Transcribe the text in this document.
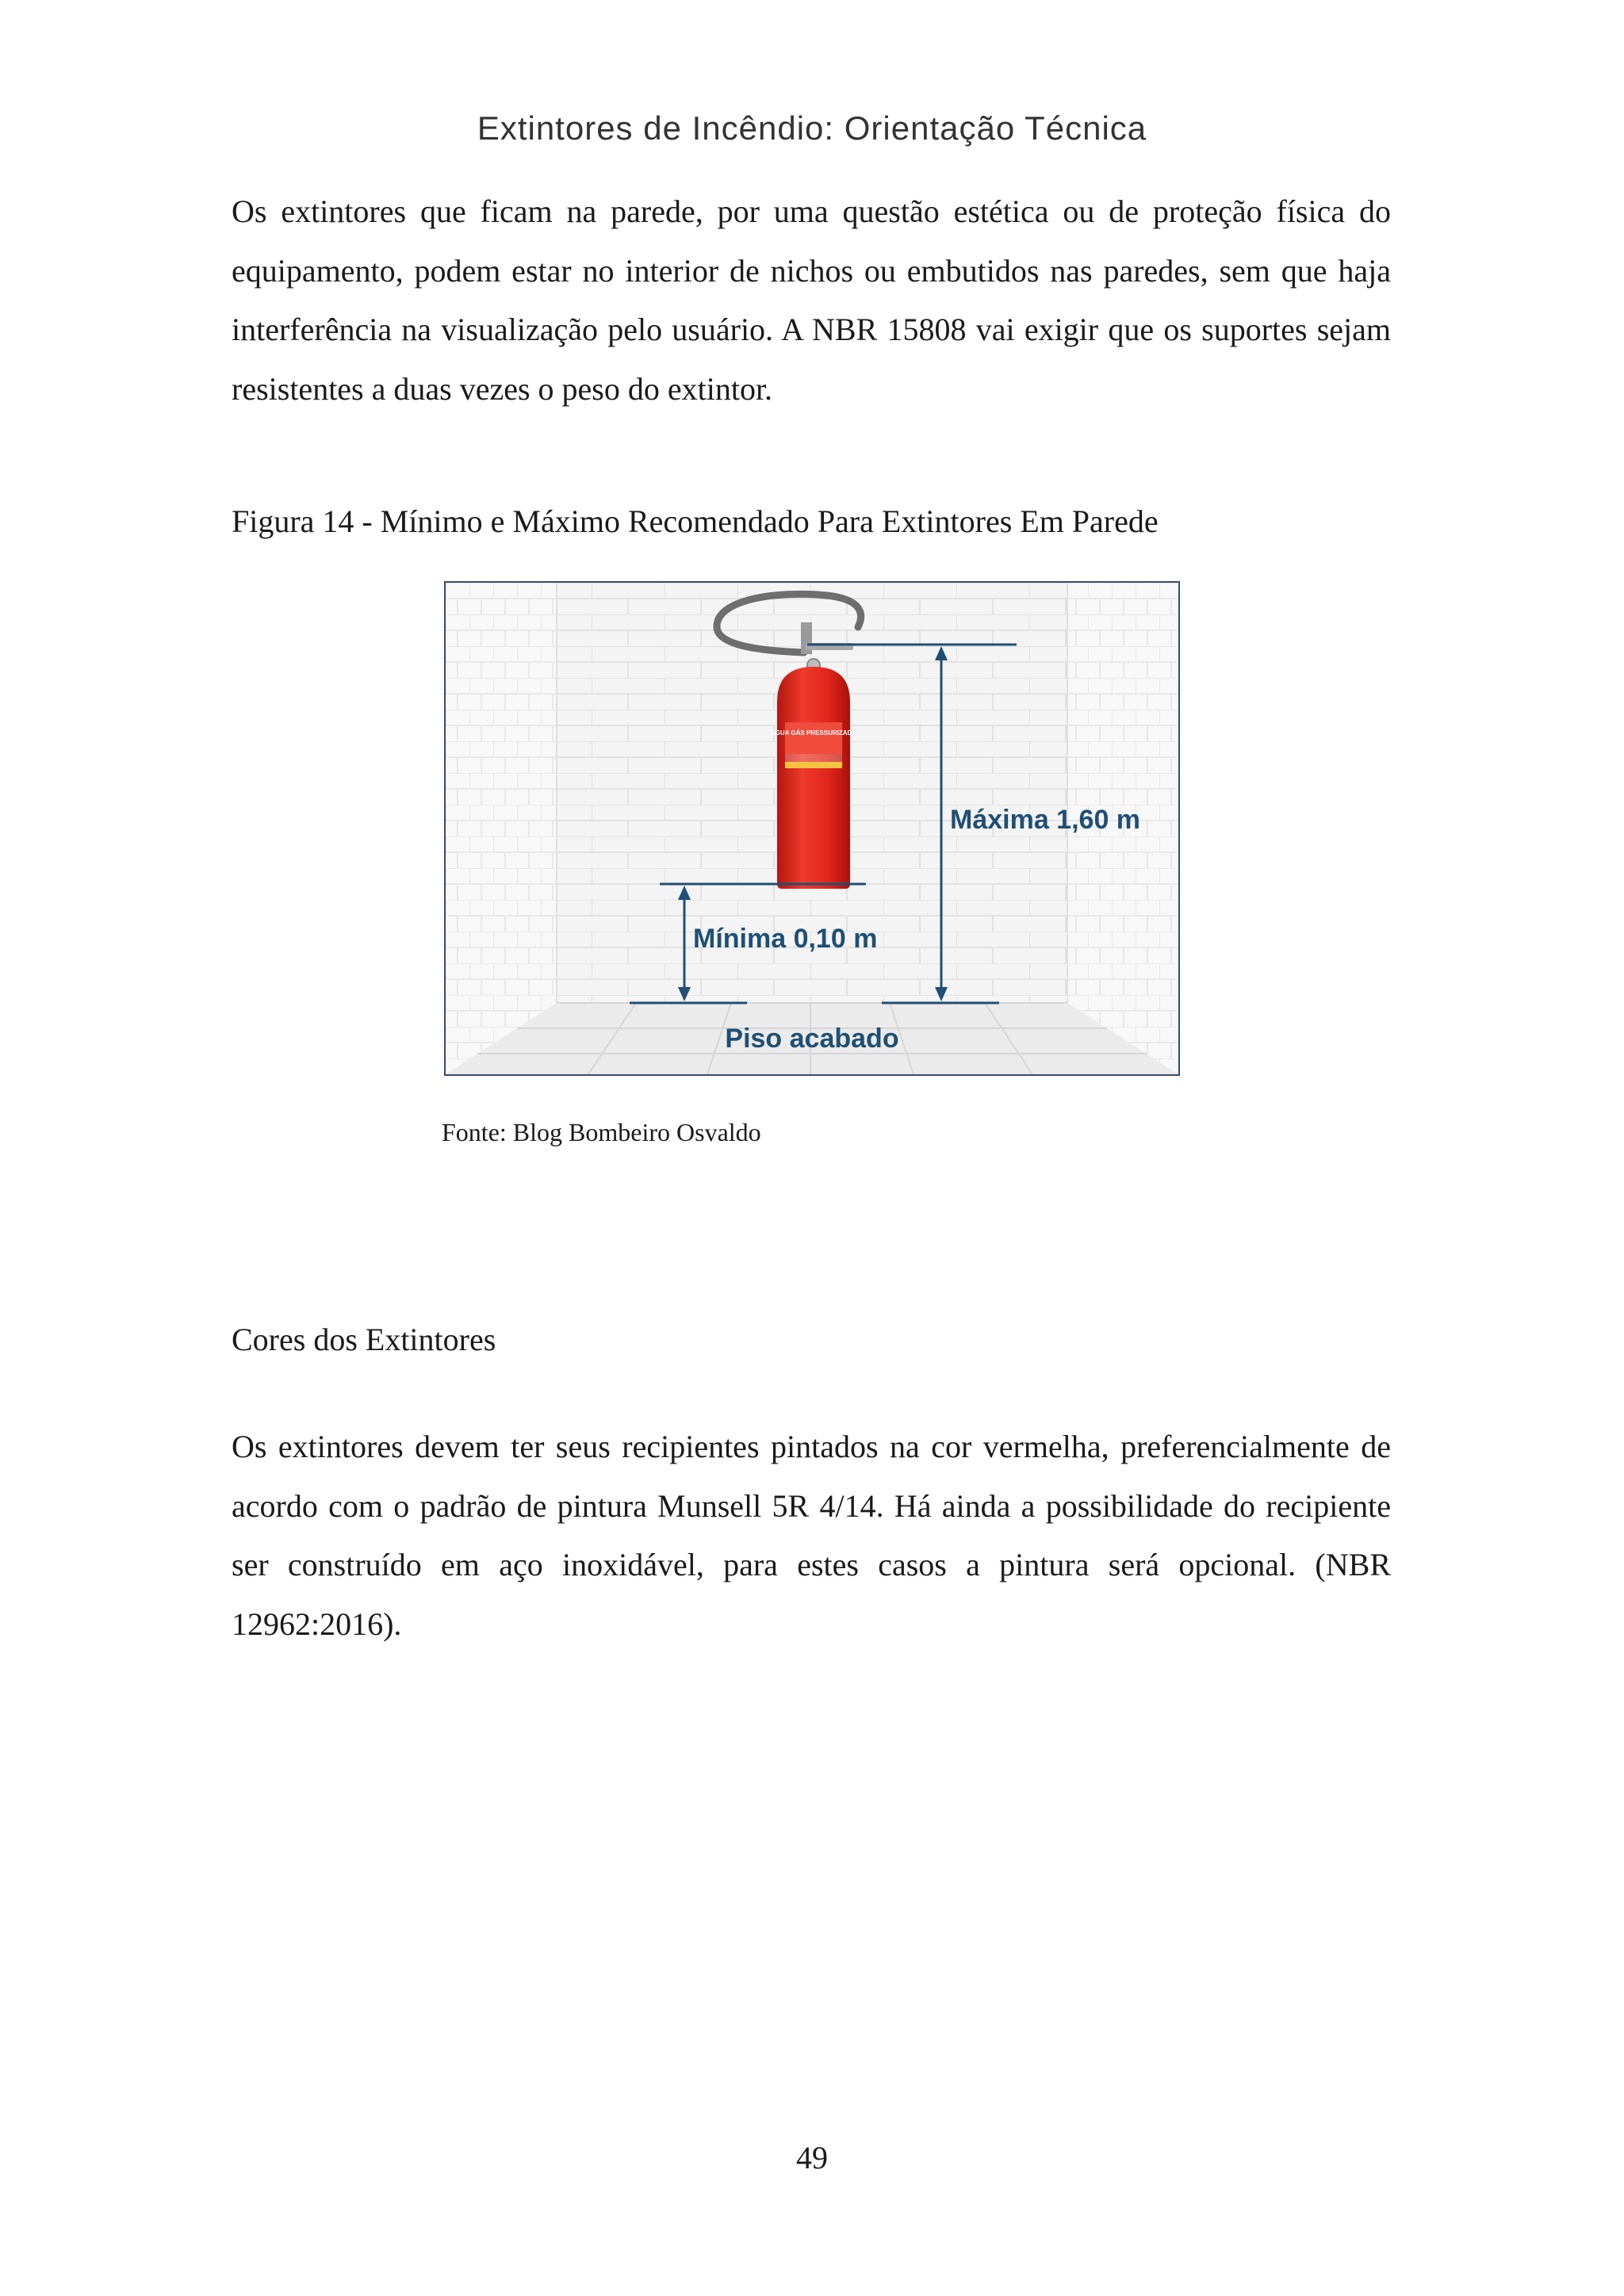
Extintores de Incêndio: Orientação Técnica

Os extintores que ficam na parede, por uma questão estética ou de proteção física do equipamento, podem estar no interior de nichos ou embutidos nas paredes, sem que haja interferência na visualização pelo usuário. A NBR 15808 vai exigir que os suportes sejam resistentes a duas vezes o peso do extintor.

Figura 14 - Mínimo e Máximo Recomendado Para Extintores Em Parede

ÁGUA GÁS PRESSURIZADA
Máxima 1,60 m
Mínima 0,10 m
Piso acabado

Fonte: Blog Bombeiro Osvaldo

Cores dos Extintores

Os extintores devem ter seus recipientes pintados na cor vermelha, preferencialmente de acordo com o padrão de pintura Munsell 5R 4/14. Há ainda a possibilidade do recipiente ser construído em aço inoxidável, para estes casos a pintura será opcional. (NBR 12962:2016).

49
